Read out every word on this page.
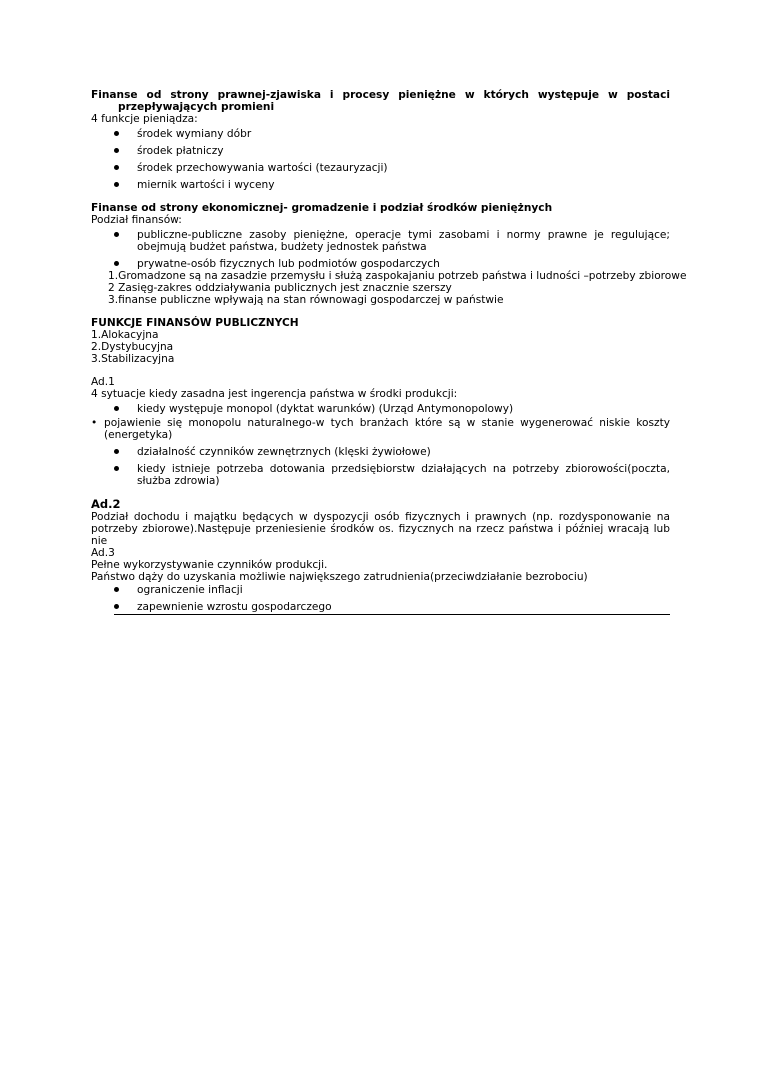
Finanse od strony prawnej-zjawiska i procesy pieniężne w których występuje w postaci

przepływających promieni

4 funkcje pieniądza:

środek wymiany dóbr

środek płatniczy

środek przechowywania wartości (tezauryzacji)

miernik wartości i wyceny

Finanse od strony ekonomicznej- gromadzenie i podział środków pieniężnych

Podział finansów:

publiczne-publiczne zasoby pieniężne, operacje tymi zasobami i normy prawne je regulujące; obejmują budżet państwa, budżety jednostek państwa

prywatne-osób fizycznych lub podmiotów gospodarczych

1.Gromadzone są na zasadzie przemysłu i służą zaspokajaniu potrzeb państwa i ludności –potrzeby zbiorowe

2 Zasięg-zakres oddziaływania publicznych jest znacznie szerszy

3.finanse publiczne wpływają na stan równowagi gospodarczej w państwie

FUNKCJE FINANSÓW PUBLICZNYCH

1.Alokacyjna

2.Dystybucyjna

3.Stabilizacyjna

Ad.1

4 sytuacje kiedy zasadna jest ingerencja państwa w środki produkcji:

kiedy występuje monopol (dyktat warunków) (Urząd Antymonopolowy)

• pojawienie się monopolu naturalnego-w tych branżach które są w stanie wygenerować niskie koszty (energetyka)

działalność czynników zewnętrznych (klęski żywiołowe)

kiedy istnieje potrzeba dotowania przedsiębiorstw działających na potrzeby zbiorowości(poczta, służba zdrowia)

Ad.2

Podział dochodu i majątku będących w dyspozycji osób fizycznych i prawnych (np. rozdysponowanie na potrzeby zbiorowe).Następuje przeniesienie środków os. fizycznych na rzecz państwa i później wracają lub nie

Ad.3

Pełne wykorzystywanie czynników produkcji.

Państwo dąży do uzyskania możliwie największego zatrudnienia(przeciwdziałanie bezrobociu)

ograniczenie inflacji

zapewnienie wzrostu gospodarczego
